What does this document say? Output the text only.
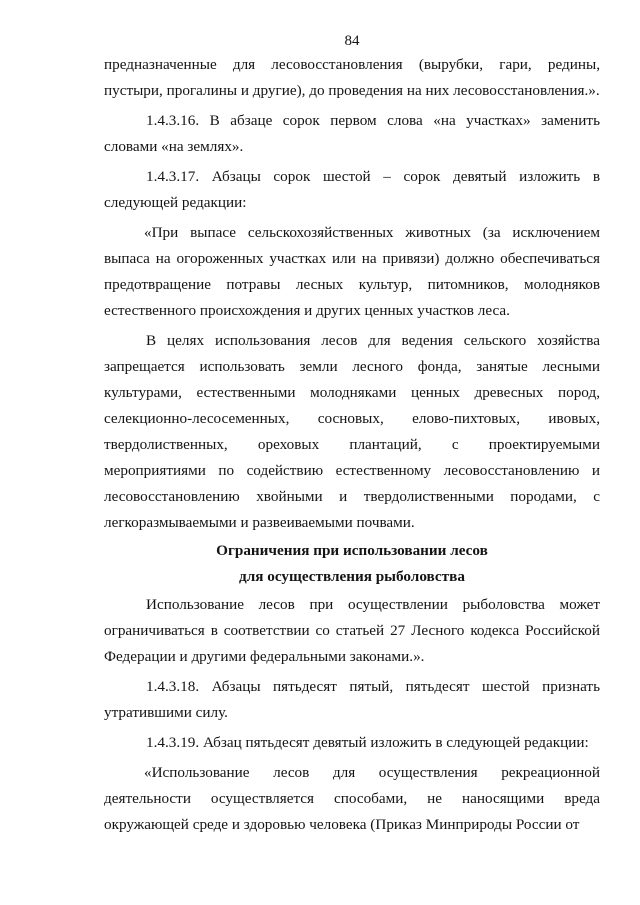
84

предназначенные для лесовосстановления (вырубки, гари, редины, пустыри, прогалины и другие), до проведения на них лесовосстановления.».

1.4.3.16. В абзаце сорок первом слова «на участках» заменить словами «на землях».

1.4.3.17. Абзацы сорок шестой – сорок девятый изложить в следующей редакции:

«При выпасе сельскохозяйственных животных (за исключением выпаса на огороженных участках или на привязи) должно обеспечиваться предотвращение потравы лесных культур, питомников, молодняков естественного происхождения и других ценных участков леса.

В целях использования лесов для ведения сельского хозяйства запрещается использовать земли лесного фонда, занятые лесными культурами, естественными молодняками ценных древесных пород, селекционно-лесосеменных, сосновых, елово-пихтовых, ивовых, твердолиственных, ореховых плантаций, с проектируемыми мероприятиями по содействию естественному лесовосстановлению и лесовосстановлению хвойными и твердолиственными породами, с легкоразмываемыми и развеиваемыми почвами.

Ограничения при использовании лесов
для осуществления рыболовства

Использование лесов при осуществлении рыболовства может ограничиваться в соответствии со статьей 27 Лесного кодекса Российской Федерации и другими федеральными законами.».

1.4.3.18. Абзацы пятьдесят пятый, пятьдесят шестой признать утратившими силу.

1.4.3.19. Абзац пятьдесят девятый изложить в следующей редакции:

«Использование лесов для осуществления рекреационной деятельности осуществляется способами, не наносящими вреда окружающей среде и здоровью человека (Приказ Минприроды России от
